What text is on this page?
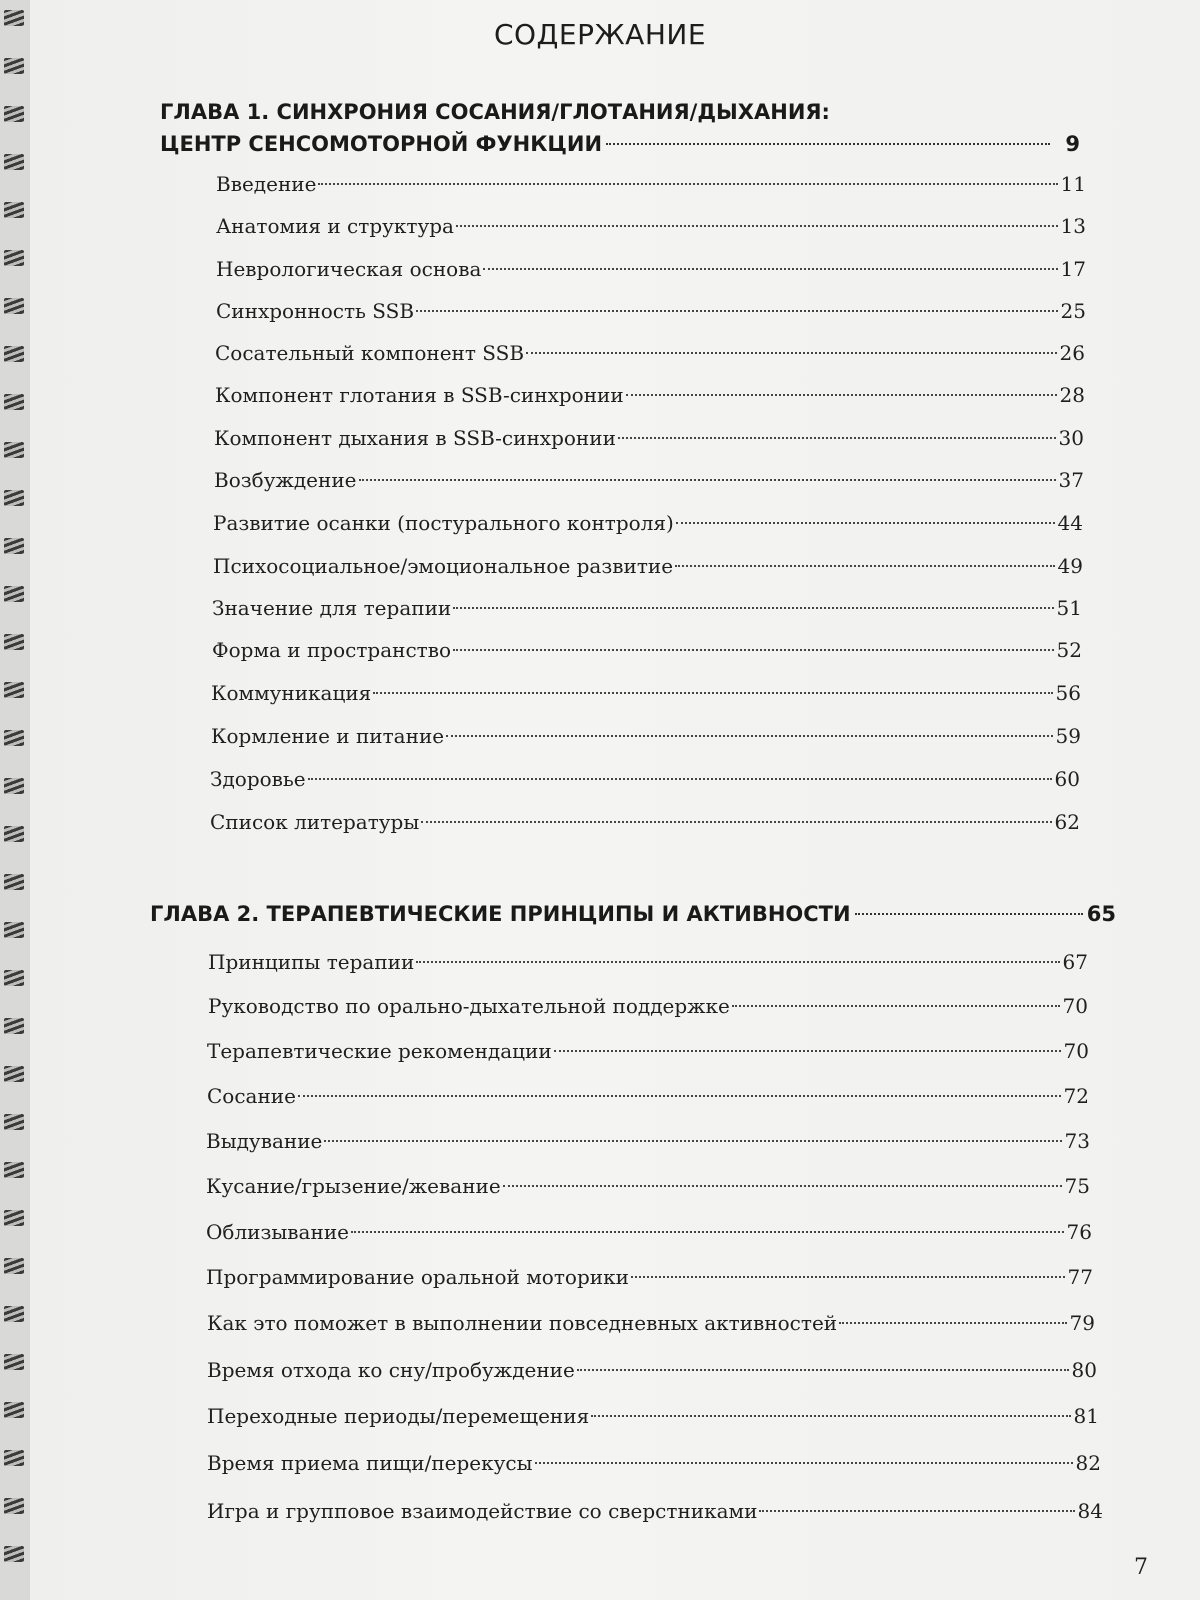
СОДЕРЖАНИЕ
ГЛАВА 1. СИНХРОНИЯ СОСАНИЯ/ГЛОТАНИЯ/ДЫХАНИЯ:
ЦЕНТР СЕНСОМОТОРНОЙ ФУНКЦИИ	9
Введение	11
Анатомия и структура	13
Неврологическая основа	17
Синхронность SSB	25
Сосательный компонент SSB	26
Компонент глотания в SSB-синхронии	28
Компонент дыхания в SSB-синхронии	30
Возбуждение	37
Развитие осанки (постурального контроля)	44
Психосоциальное/эмоциональное развитие	49
Значение для терапии	51
Форма и пространство	52
Коммуникация	56
Кормление и питание	59
Здоровье	60
Список литературы	62
ГЛАВА 2. ТЕРАПЕВТИЧЕСКИЕ ПРИНЦИПЫ И АКТИВНОСТИ	65
Принципы терапии	67
Руководство по орально-дыхательной поддержке	70
Терапевтические рекомендации	70
Сосание	72
Выдувание	73
Кусание/грызение/жевание	75
Облизывание	76
Программирование оральной моторики	77
Как это поможет в выполнении повседневных активностей	79
Время отхода ко сну/пробуждение	80
Переходные периоды/перемещения	81
Время приема пищи/перекусы	82
Игра и групповое взаимодействие со сверстниками	84
7
